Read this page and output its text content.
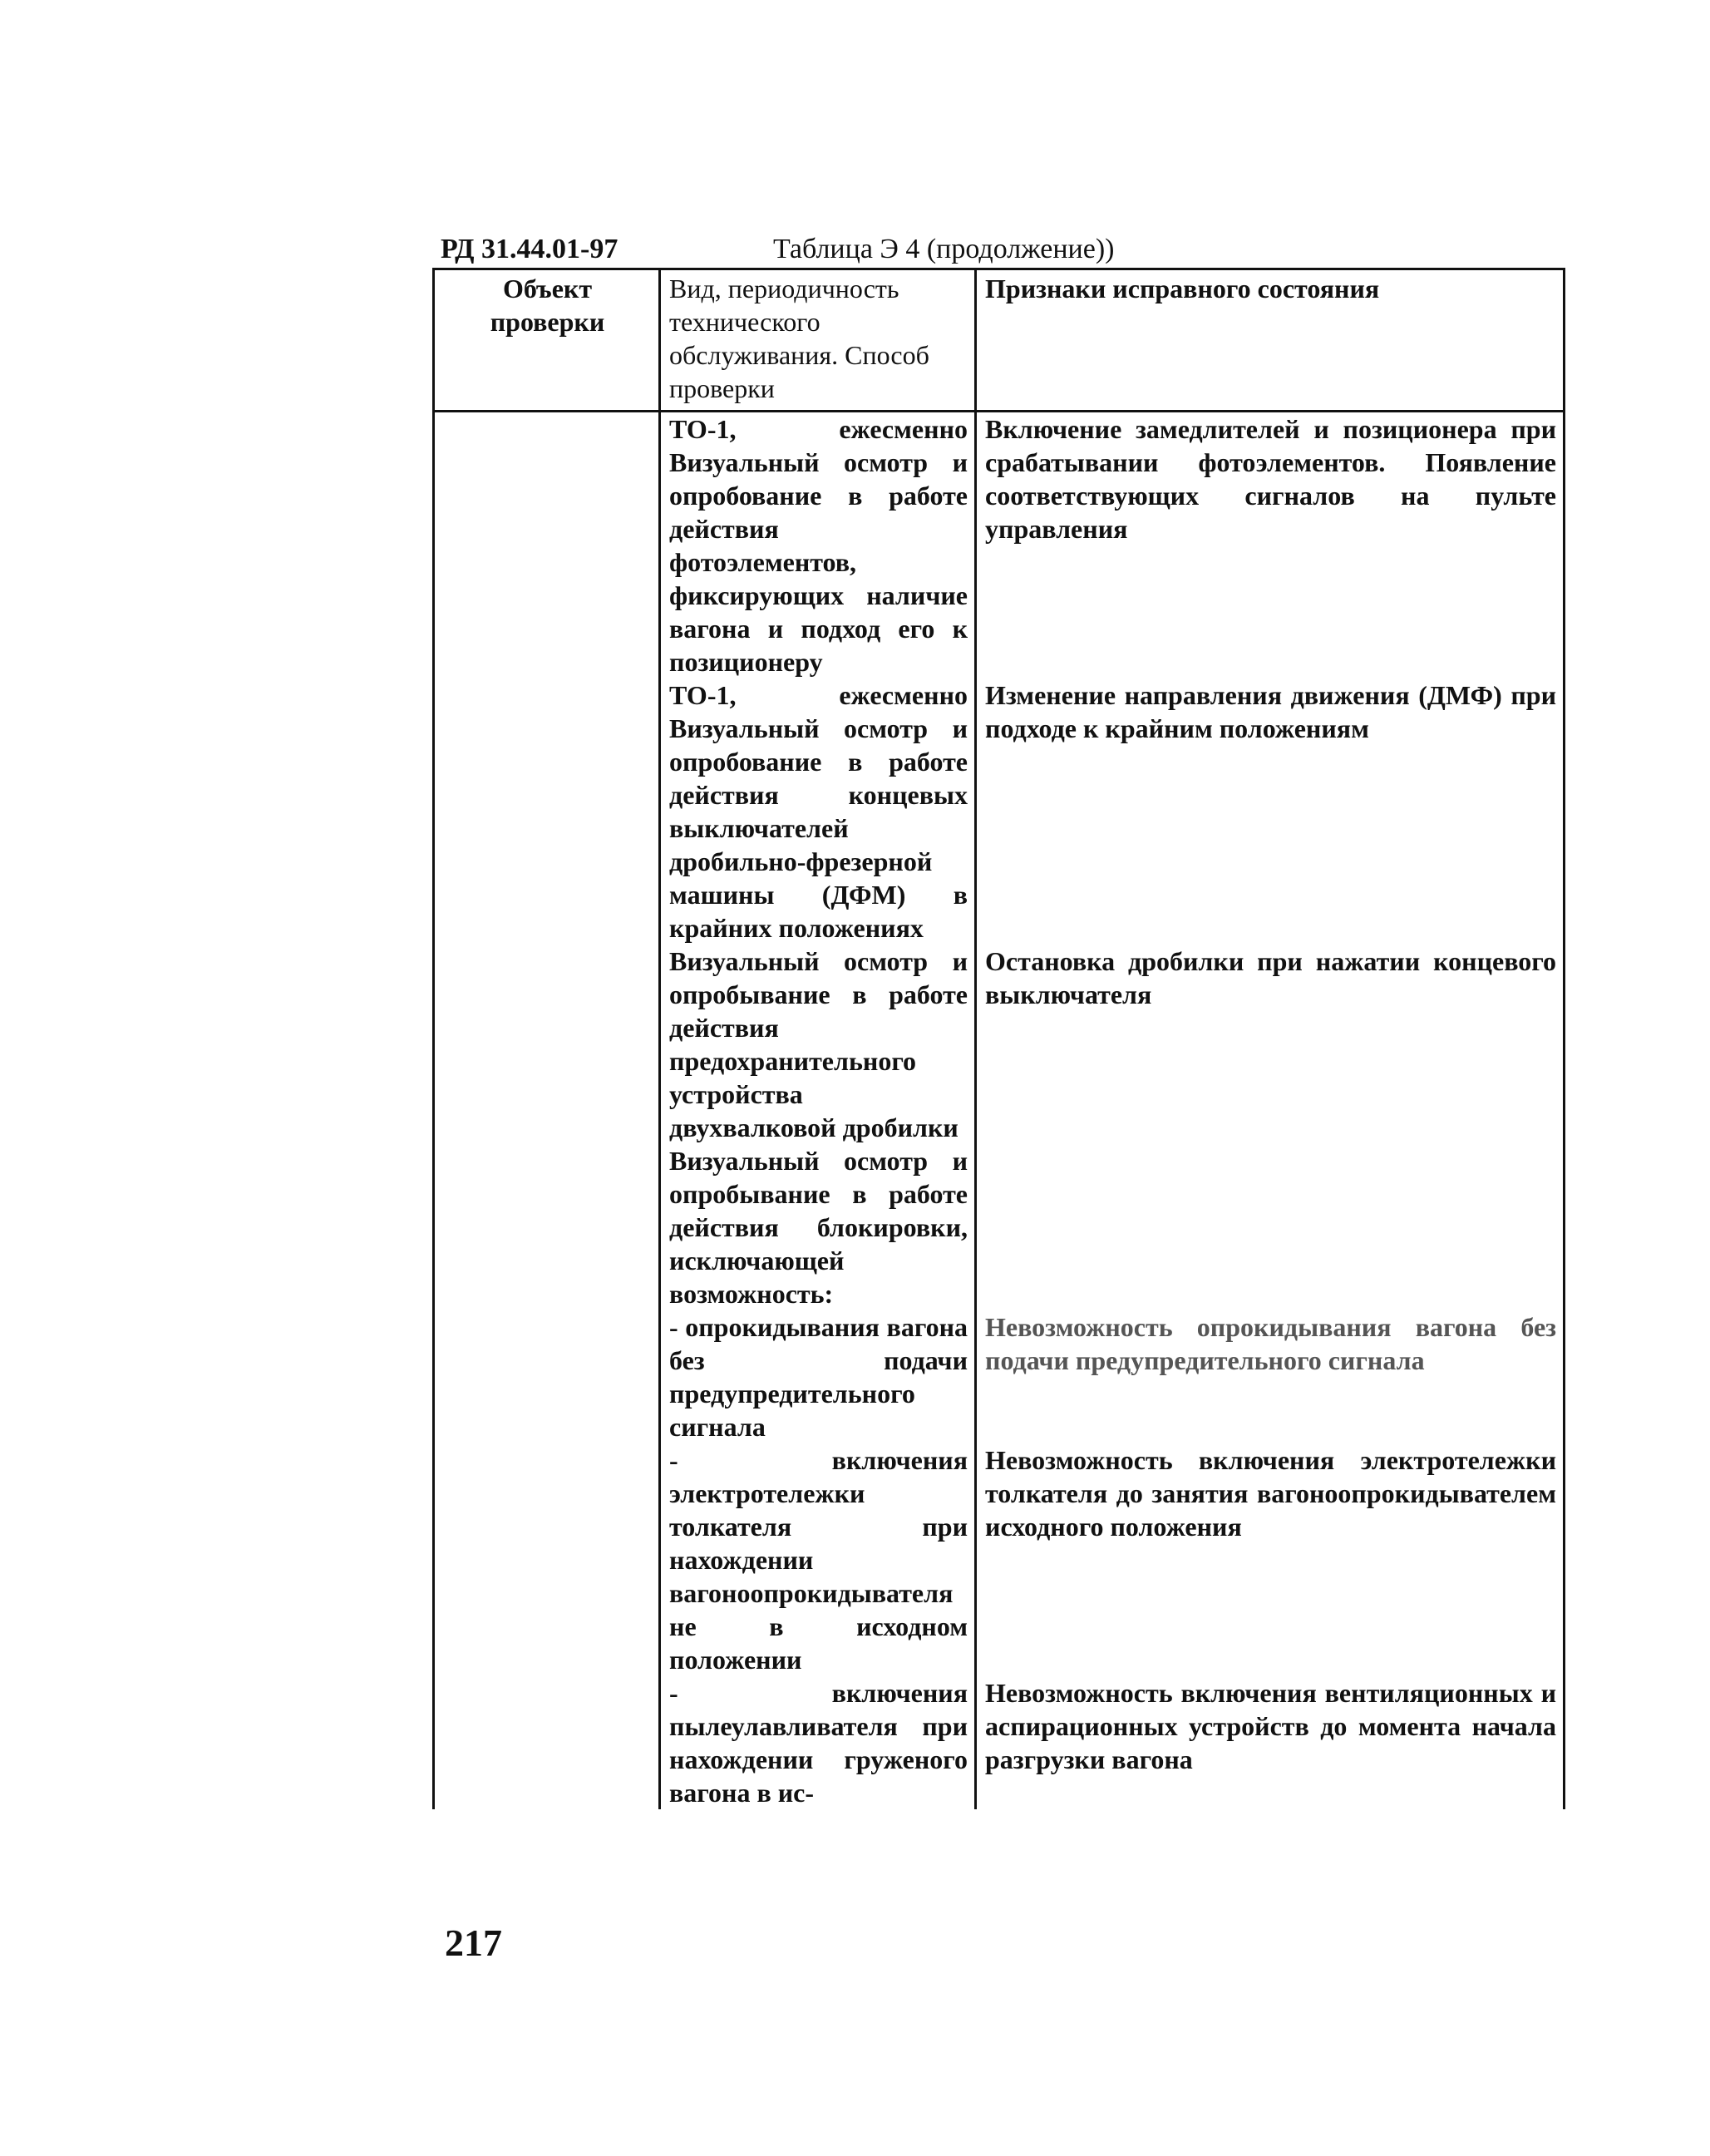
РД 31.44.01-97	Таблица Э 4 (продолжение))
Объект проверки	Вид, периодичность технического обслуживания. Способ проверки	Признаки исправного состояния
	ТО-1, ежесменно Визуальный осмотр и опробование в работе действия фотоэлементов, фиксирующих наличие вагона и подход его к позиционеру	Включение замедлителей и позиционера при срабатывании фотоэлементов. Появление соответствующих сигналов на пульте управления
	ТО-1, ежесменно Визуальный осмотр и опробование в работе действия концевых выключателей дробильно-фрезерной машины (ДФМ) в крайних положениях	Изменение направления движения (ДМФ) при подходе к крайним положениям
	Визуальный осмотр и опробывание в работе действия предохранительного устройства двухвалковой дробилки	Остановка дробилки при нажатии концевого выключателя
	Визуальный осмотр и опробывание в работе действия блокировки, исключающей возможность:	
	- опрокидывания вагона без подачи предупредительного сигнала	Невозможность опрокидывания вагона без подачи предупредительного сигнала
	- включения электротележки толкателя при нахождении вагоноопрокидывателя не в исходном положении	Невозможность включения электротележки толкателя до занятия вагоноопрокидывателем исходного положения
	- включения пылеулавливателя при нахождении груженого вагона в ис-	Невозможность включения вентиляционных и аспирационных устройств до момента начала разгрузки вагона
217
